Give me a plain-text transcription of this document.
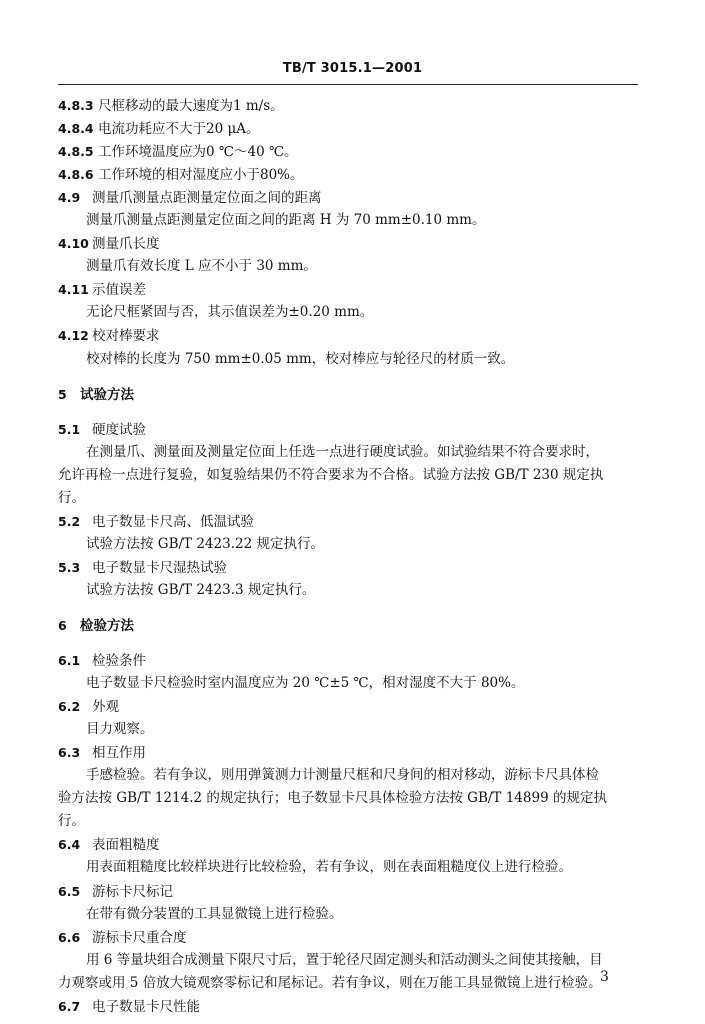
TB/T 3015.1—2001
4.8.3 尺框移动的最大速度为1 m/s。
4.8.4 电流功耗应不大于20 μA。
4.8.5 工作环境温度应为0 ℃～40 ℃。
4.8.6 工作环境的相对湿度应小于80%。
4.9 测量爪测量点距测量定位面之间的距离
测量爪测量点距测量定位面之间的距离 H 为 70 mm±0.10 mm。
4.10 测量爪长度
测量爪有效长度 L 应不小于 30 mm。
4.11 示值误差
无论尺框紧固与否，其示值误差为±0.20 mm。
4.12 校对棒要求
校对棒的长度为 750 mm±0.05 mm，校对棒应与轮径尺的材质一致。
5 试验方法
5.1 硬度试验
在测量爪、测量面及测量定位面上任选一点进行硬度试验。如试验结果不符合要求时，
允许再检一点进行复验，如复验结果仍不符合要求为不合格。试验方法按 GB/T 230 规定执
行。
5.2 电子数显卡尺高、低温试验
试验方法按 GB/T 2423.22 规定执行。
5.3 电子数显卡尺湿热试验
试验方法按 GB/T 2423.3 规定执行。
6 检验方法
6.1 检验条件
电子数显卡尺检验时室内温度应为 20 ℃±5 ℃，相对湿度不大于 80%。
6.2 外观
目力观察。
6.3 相互作用
手感检验。若有争议，则用弹簧测力计测量尺框和尺身间的相对移动，游标卡尺具体检
验方法按 GB/T 1214.2 的规定执行；电子数显卡尺具体检验方法按 GB/T 14899 的规定执
行。
6.4 表面粗糙度
用表面粗糙度比较样块进行比较检验，若有争议，则在表面粗糙度仪上进行检验。
6.5 游标卡尺标记
在带有微分装置的工具显微镜上进行检验。
6.6 游标卡尺重合度
用 6 等量块组合成测量下限尺寸后，置于轮径尺固定测头和活动测头之间使其接触，目
力观察或用 5 倍放大镜观察零标记和尾标记。若有争议，则在万能工具显微镜上进行检验。
6.7 电子数显卡尺性能
3
